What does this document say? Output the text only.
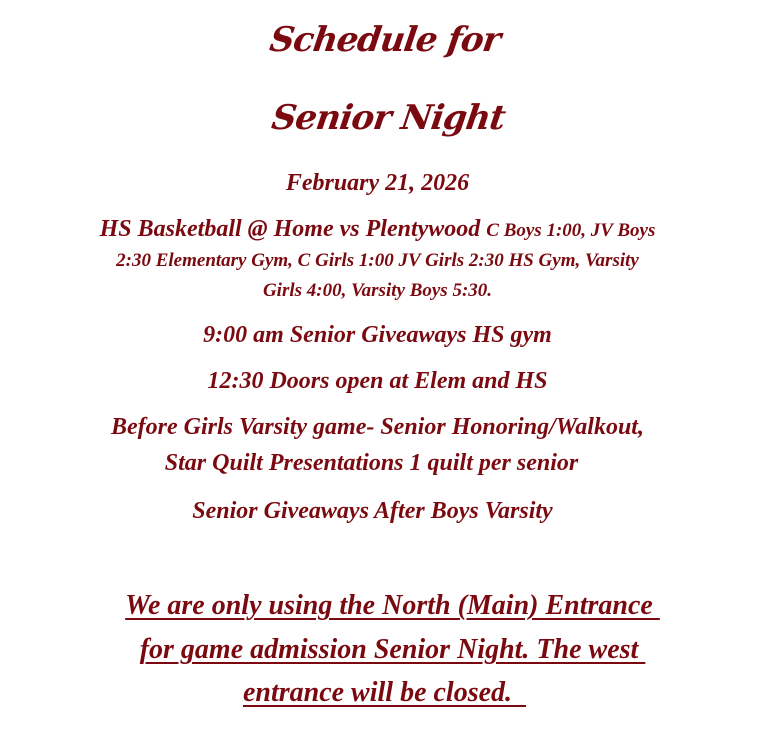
Schedule for
Senior Night
February 21, 2026
HS Basketball @ Home vs Plentywood C Boys 1:00, JV Boys
2:30 Elementary Gym, C Girls 1:00 JV Girls 2:30 HS Gym, Varsity
Girls 4:00, Varsity Boys 5:30.
9:00 am Senior Giveaways HS gym
12:30 Doors open at Elem and HS
Before Girls Varsity game- Senior Honoring/Walkout,
Star Quilt Presentations 1 quilt per senior
Senior Giveaways After Boys Varsity
We are only using the North (Main) Entrance
for game admission Senior Night. The west
entrance will be closed.
